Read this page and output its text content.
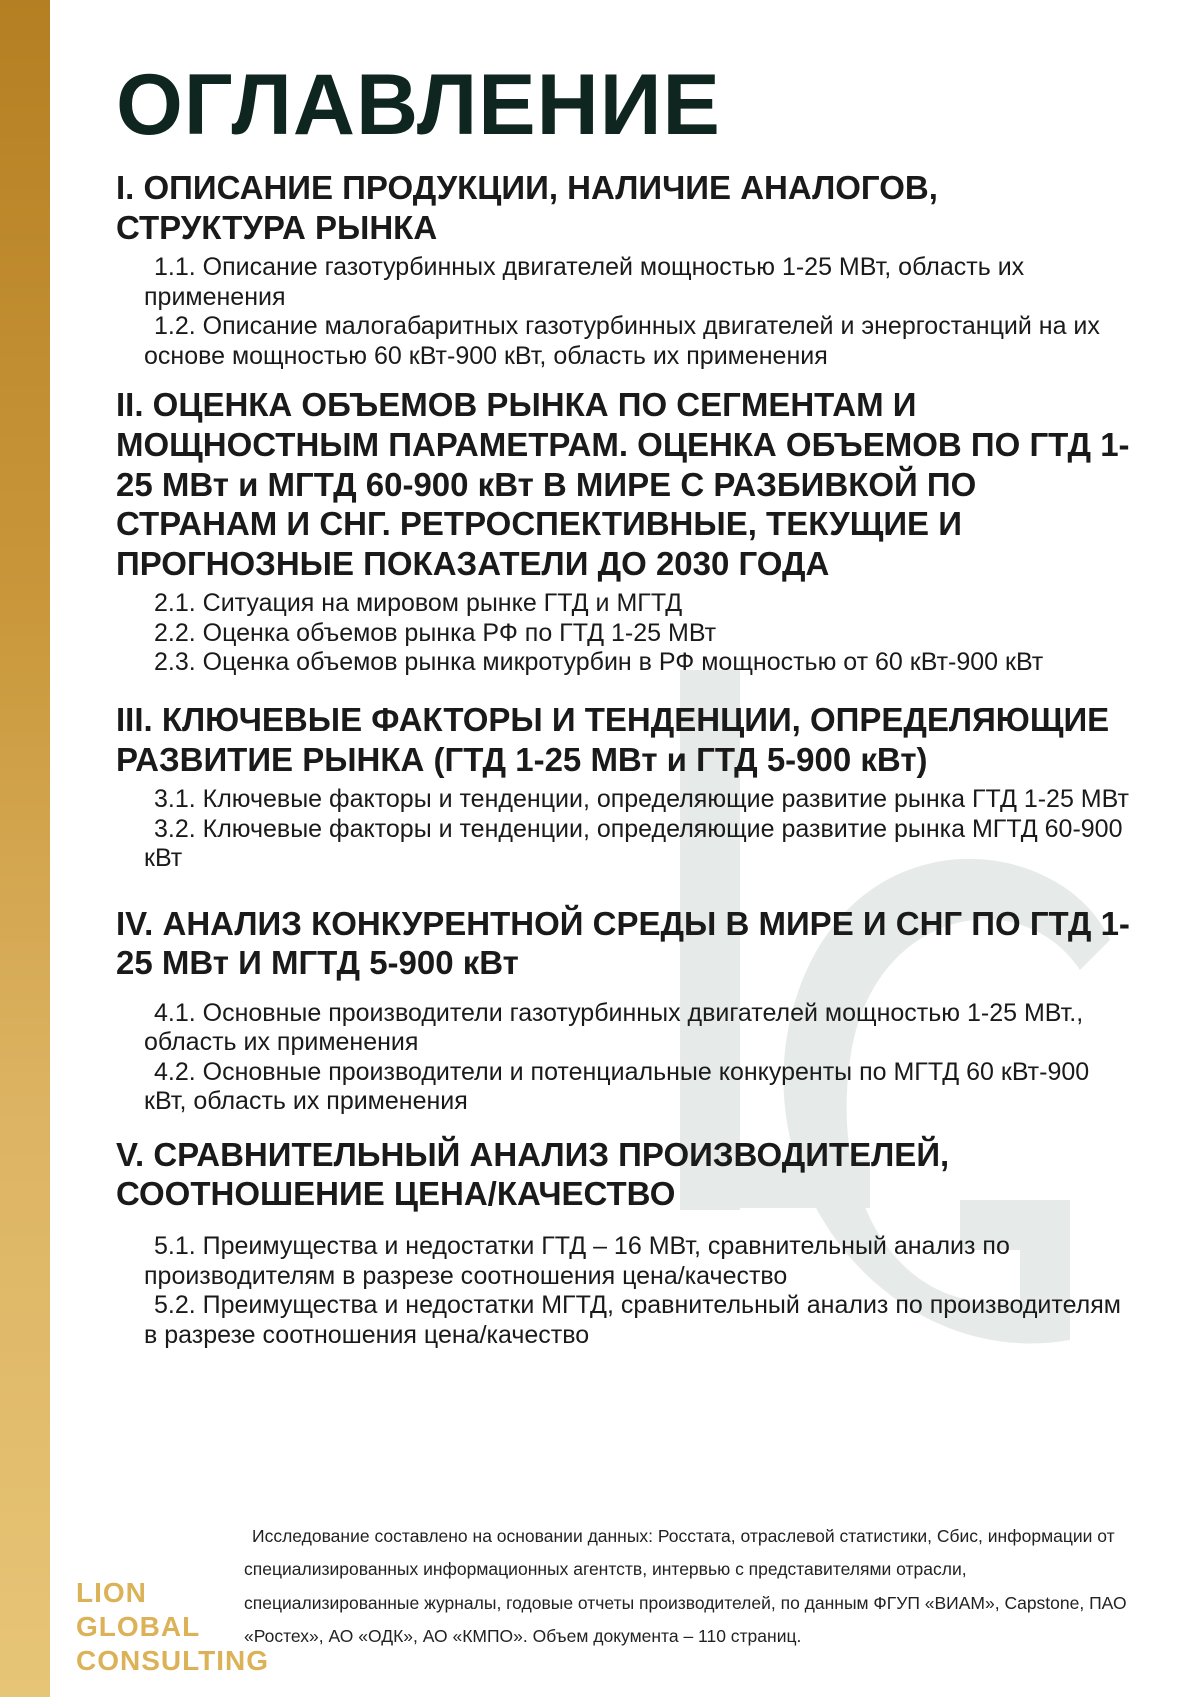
ОГЛАВЛЕНИЕ
I. ОПИСАНИЕ ПРОДУКЦИИ, НАЛИЧИЕ АНАЛОГОВ, СТРУКТУРА РЫНКА

1.1. Описание газотурбинных двигателей мощностью 1-25 МВт, область их применения

1.2. Описание малогабаритных газотурбинных двигателей и энергостанций на их основе мощностью 60 кВт-900 кВт, область их применения

II. ОЦЕНКА ОБЪЕМОВ РЫНКА ПО СЕГМЕНТАМ И МОЩНОСТНЫМ ПАРАМЕТРАМ. ОЦЕНКА ОБЪЕМОВ ПО ГТД 1-25 МВт и МГТД 60-900 кВт В МИРЕ С РАЗБИВКОЙ ПО СТРАНАМ И СНГ. РЕТРОСПЕКТИВНЫЕ, ТЕКУЩИЕ И ПРОГНОЗНЫЕ ПОКАЗАТЕЛИ ДО 2030 ГОДА

2.1. Ситуация на мировом рынке ГТД и МГТД

2.2. Оценка объемов рынка РФ по ГТД 1-25 МВт

2.3. Оценка объемов рынка микротурбин в РФ мощностью от 60 кВт-900 кВт

III. КЛЮЧЕВЫЕ ФАКТОРЫ И ТЕНДЕНЦИИ, ОПРЕДЕЛЯЮЩИЕ РАЗВИТИЕ РЫНКА (ГТД 1-25 МВт и ГТД 5-900 кВт)

3.1. Ключевые факторы и тенденции, определяющие развитие рынка ГТД 1-25 МВт

3.2. Ключевые факторы и тенденции, определяющие развитие рынка МГТД 60-900 кВт

IV. АНАЛИЗ КОНКУРЕНТНОЙ СРЕДЫ В МИРЕ И СНГ ПО ГТД 1-25 МВт И МГТД 5-900 кВт

4.1. Основные производители газотурбинных двигателей мощностью 1-25 МВт., область их применения

4.2. Основные производители и потенциальные конкуренты по МГТД 60 кВт-900 кВт, область их применения

V. СРАВНИТЕЛЬНЫЙ АНАЛИЗ ПРОИЗВОДИТЕЛЕЙ, СООТНОШЕНИЕ ЦЕНА/КАЧЕСТВО

5.1. Преимущества и недостатки ГТД – 16 МВт, сравнительный анализ по производителям в разрезе соотношения цена/качество

5.2. Преимущества и недостатки МГТД, сравнительный анализ по производителям в разрезе соотношения цена/качество

Исследование составлено на основании данных: Росстата, отраслевой статистики, Сбис, информации от специализированных информационных агентств, интервью с представителями отрасли, специализированные журналы, годовые отчеты производителей, по данным ФГУП «ВИАМ», Capstone, ПАО «Ростех», АО «ОДК», АО «КМПО». Объем документа – 110 страниц.

LION
GLOBAL
CONSULTING
